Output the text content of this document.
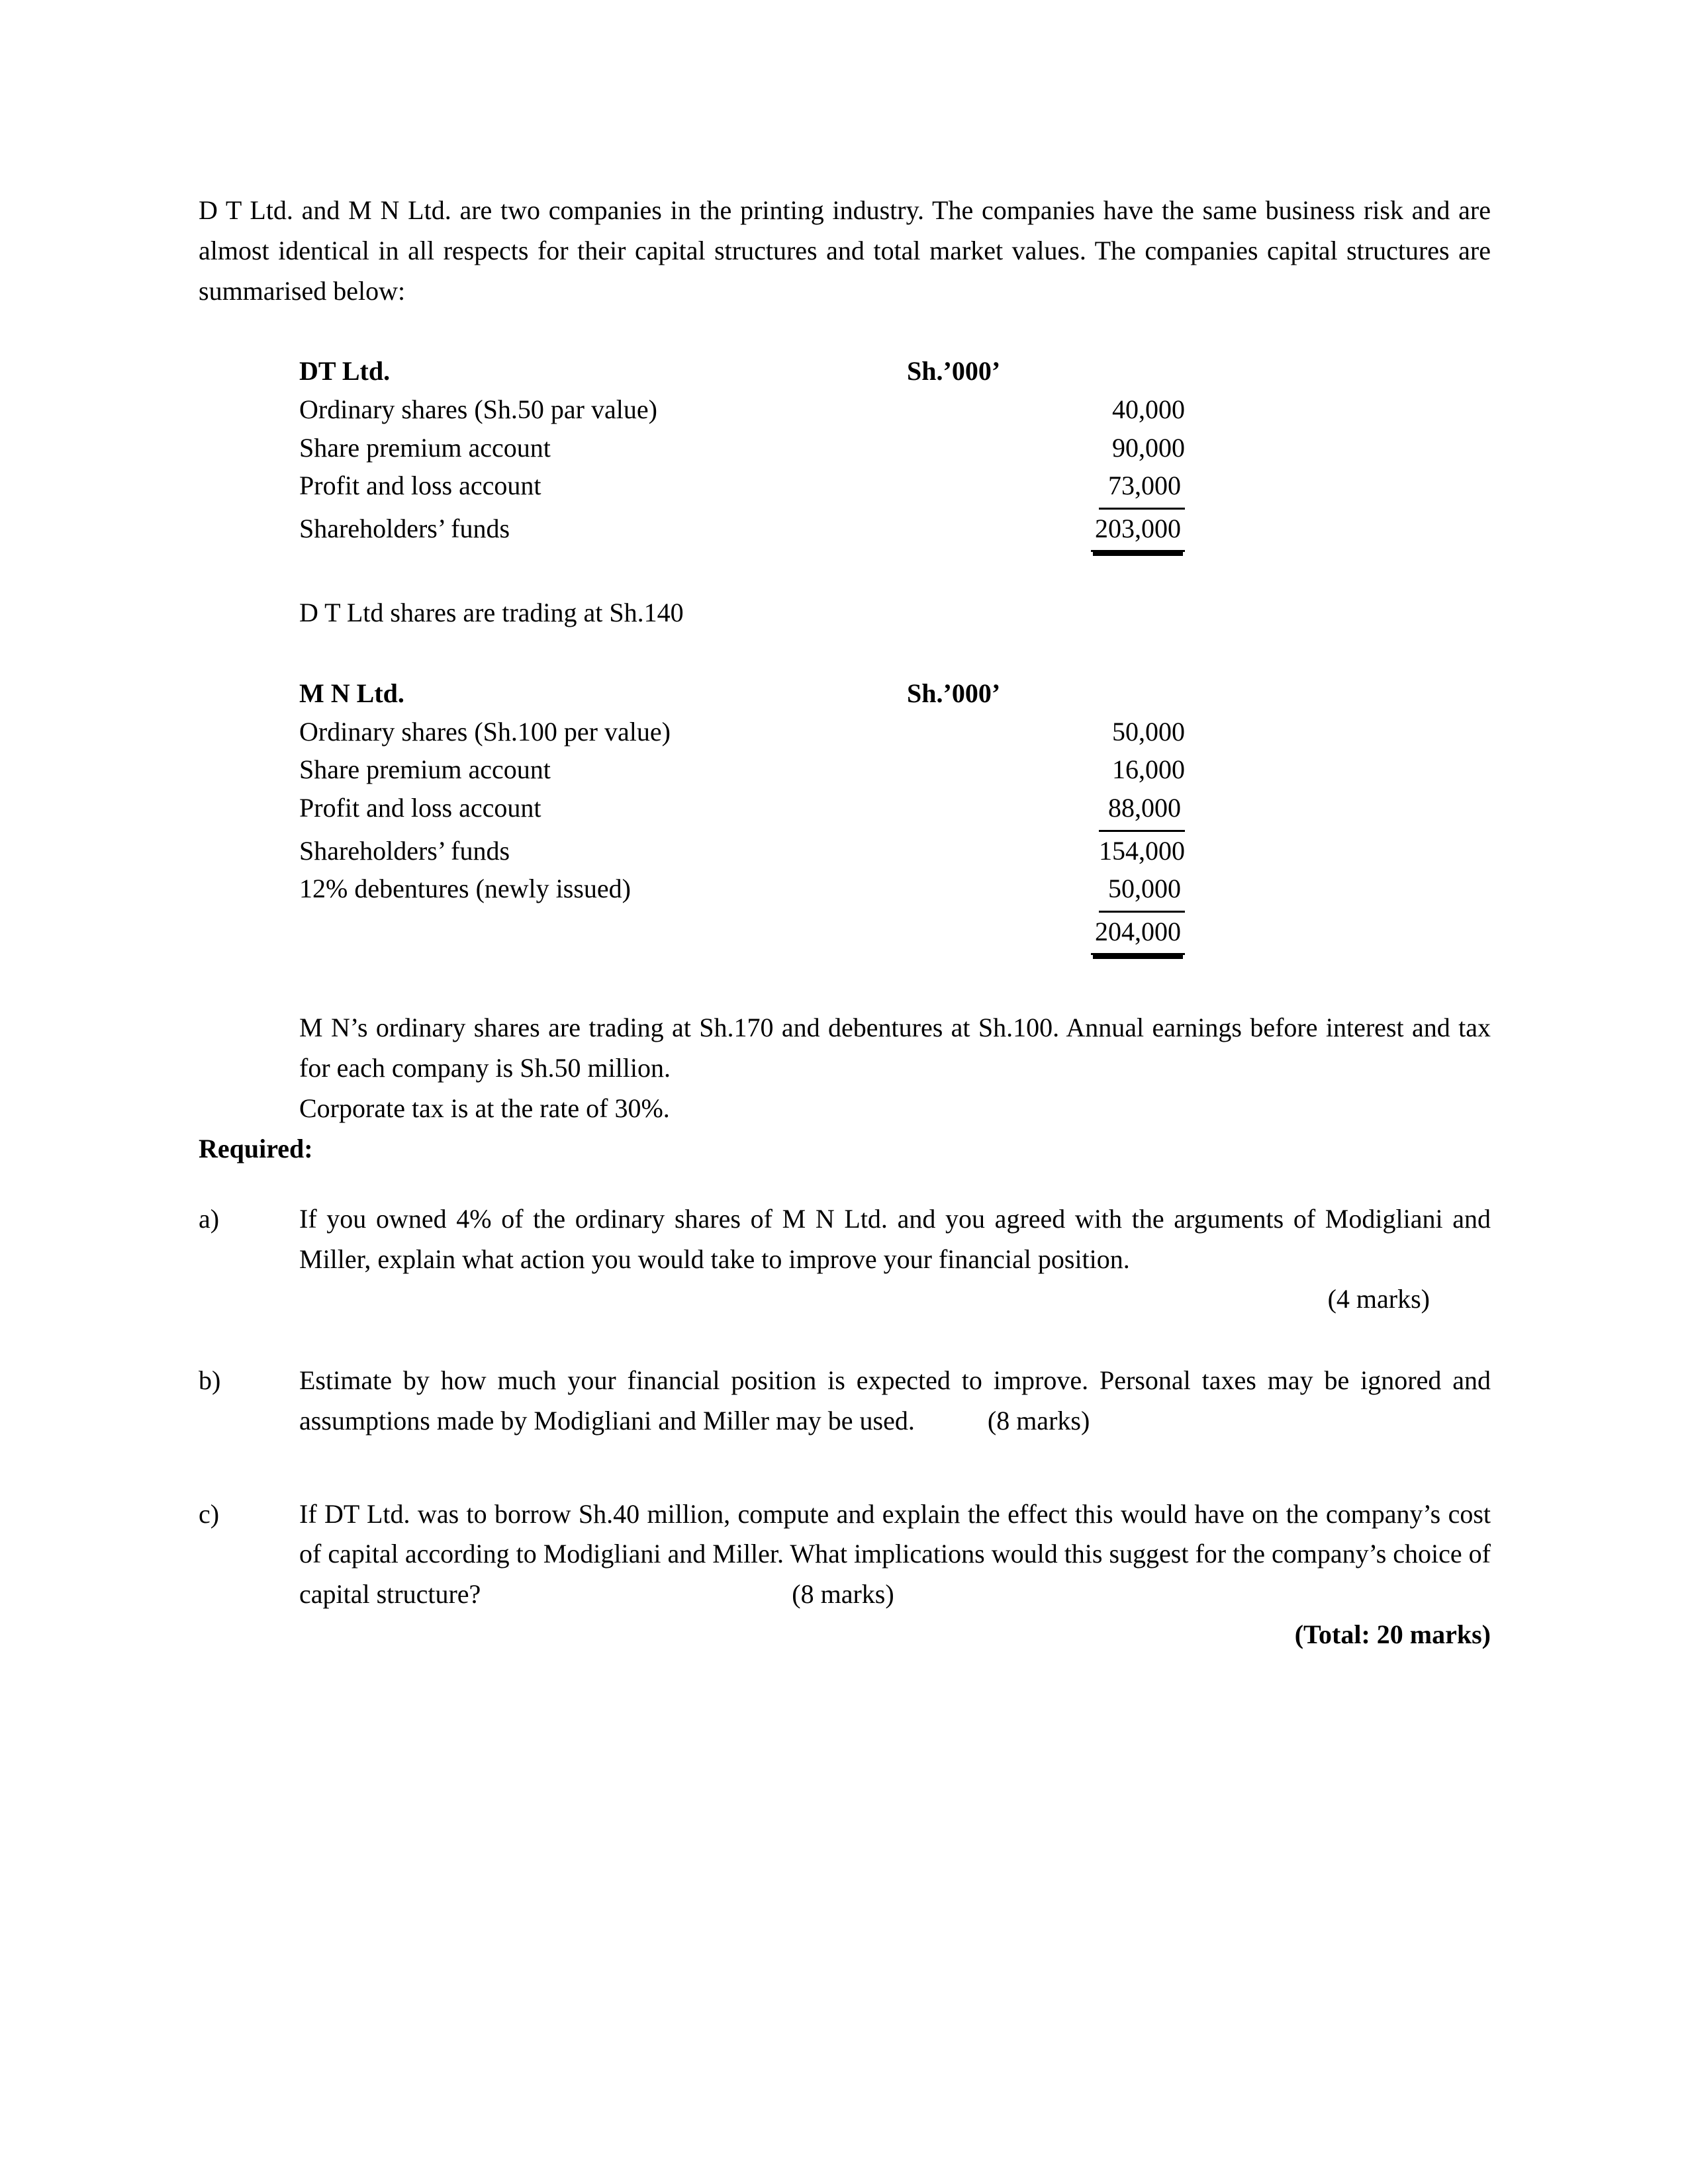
D T Ltd. and M N Ltd. are two companies in the printing industry. The companies have the same business risk and are almost identical in all respects for their capital structures and total market values. The companies capital structures are summarised below:

DT Ltd.	Sh.’000’
Ordinary shares (Sh.50 par value)	40,000
Share premium account	90,000
Profit and loss account	73,000
Shareholders’ funds	203,000

D T Ltd shares are trading at Sh.140

M N Ltd.	Sh.’000’
Ordinary shares (Sh.100 per value)	50,000
Share premium account	16,000
Profit and loss account	88,000
Shareholders’ funds	154,000
12% debentures (newly issued)	50,000
	204,000

M N’s ordinary shares are trading at Sh.170 and debentures at Sh.100. Annual earnings before interest and tax for each company is Sh.50 million.

Corporate tax is at the rate of 30%.

Required:

a)	If you owned 4% of the ordinary shares of M N Ltd. and you agreed with the arguments of Modigliani and Miller, explain what action you would take to improve your financial position.
(4 marks)
b)	Estimate by how much your financial position is expected to improve. Personal taxes may be ignored and assumptions made by Modigliani and Miller may be used.	(8 marks)
c)	If DT Ltd. was to borrow Sh.40 million, compute and explain the effect this would have on the company’s cost of capital according to Modigliani and Miller. What implications would this suggest for the company’s choice of capital structure?	(8 marks)
(Total: 20 marks)
